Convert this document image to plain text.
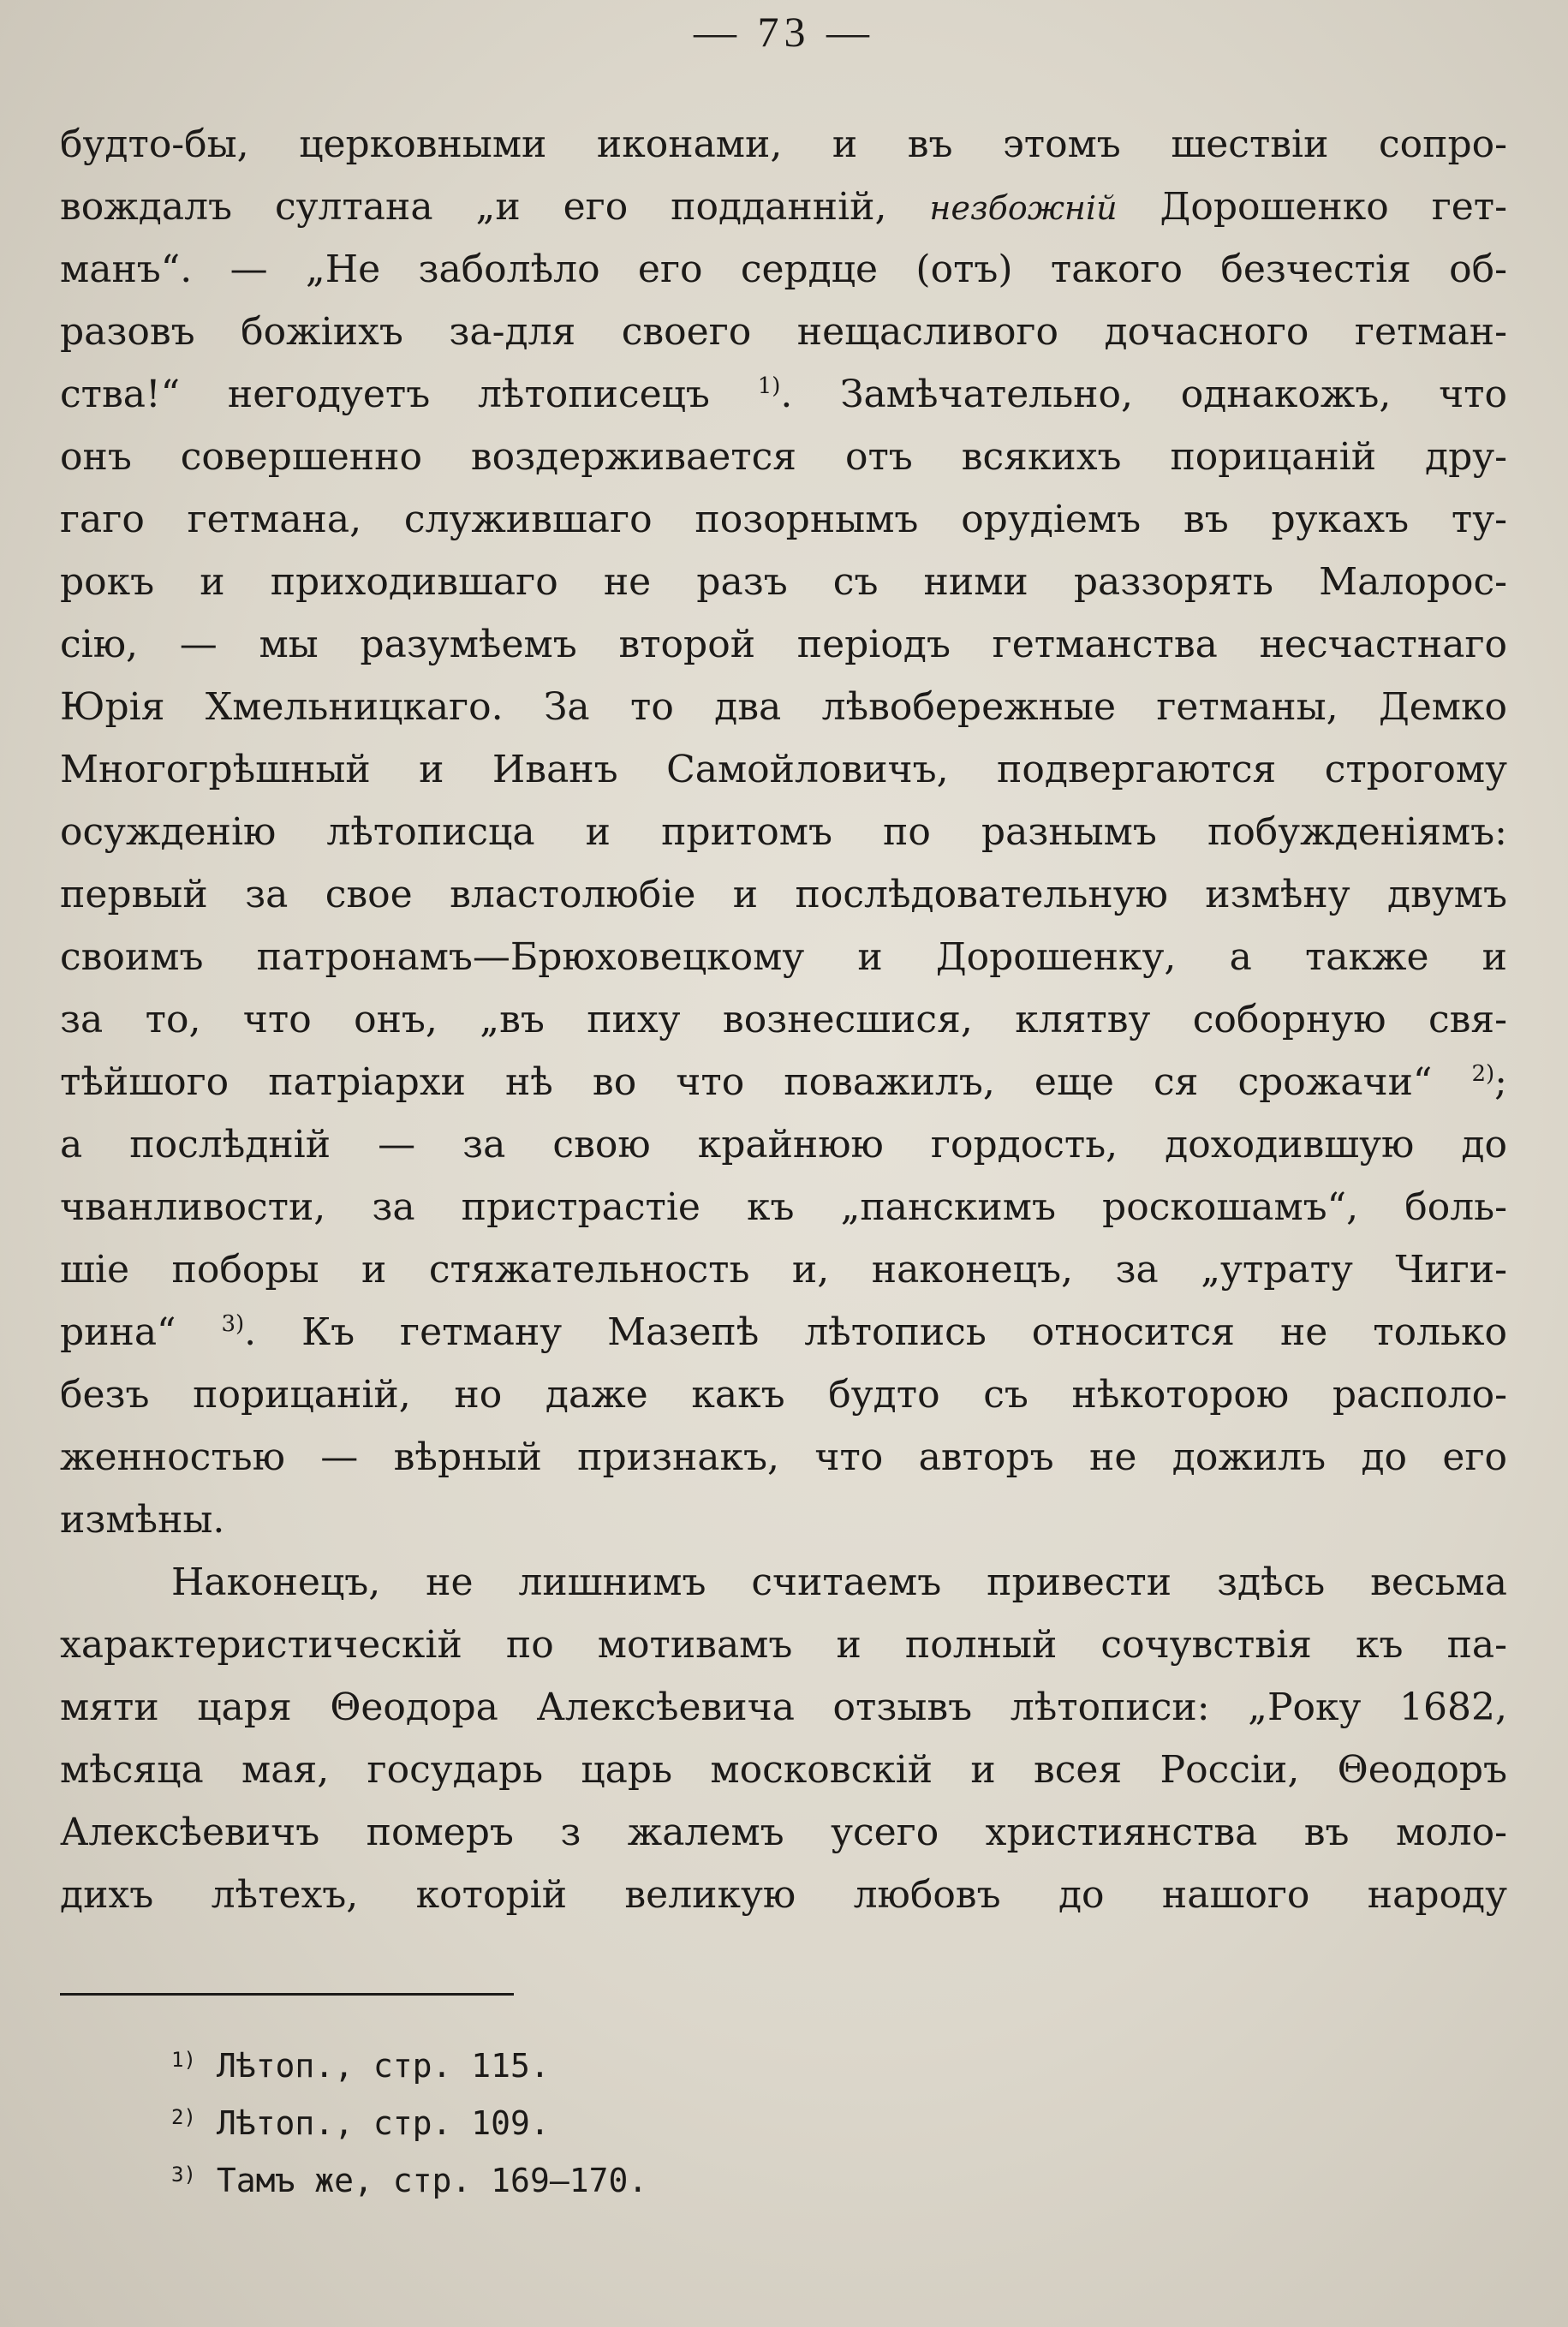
— 73 —
будто-бы, церковными иконами, и въ этомъ шествіи сопро-
вождалъ султана „и его подданній, незбожній Дорошенко гет-
манъ“. — „Не заболѣло его сердце (отъ) такого безчестія об-
разовъ божіихъ за-для своего нещасливого дочасного гетман-
ства!“ негодуетъ лѣтописецъ $^{1)}$. Замѣчательно, однакожъ, что
онъ совершенно воздерживается отъ всякихъ порицаній дру-
гаго гетмана, служившаго позорнымъ орудіемъ въ рукахъ ту-
рокъ и приходившаго не разъ съ ними раззорять Малорос-
сію, — мы разумѣемъ второй періодъ гетманства несчастнаго
Юрія Хмельницкаго. За то два лѣвобережные гетманы, Демко
Многогрѣшный и Иванъ Самойловичъ, подвергаются строгому
осужденію лѣтописца и притомъ по разнымъ побужденіямъ:
первый за свое властолюбіе и послѣдовательную измѣну двумъ
своимъ патронамъ—Брюховецкому и Дорошенку, а также и
за то, что онъ, „въ пиху вознесшися, клятву соборную свя-
тѣйшого патріархи нѣ во что поважилъ, еще ся срожачи“ $^{2)}$;
а послѣдній — за свою крайнюю гордость, доходившую до
чванливости, за пристрастіе къ „панскимъ роскошамъ“, боль-
шіе поборы и стяжательность и, наконецъ, за „утрату Чиги-
рина“ $^{3)}$. Къ гетману Мазепѣ лѣтопись относится не только
безъ порицаній, но даже какъ будто съ нѣкоторою располо-
женностью — вѣрный признакъ, что авторъ не дожилъ до его
измѣны.
Наконецъ, не лишнимъ считаемъ привести здѣсь весьма
характеристическій по мотивамъ и полный сочувствія къ па-
мяти царя Θеодора Алексѣевича отзывъ лѣтописи: „Року 1682,
мѣсяца мая, государь царь московскій и всея Россіи, Θеодоръ
Алексѣевичъ померъ з жалемъ усего християнства въ моло-
дихъ лѣтехъ, которій великую любовъ до нашого народу
1) Лѣтоп., стр. 115.
2) Лѣтоп., стр. 109.
3) Тамъ же, стр. 169—170.
